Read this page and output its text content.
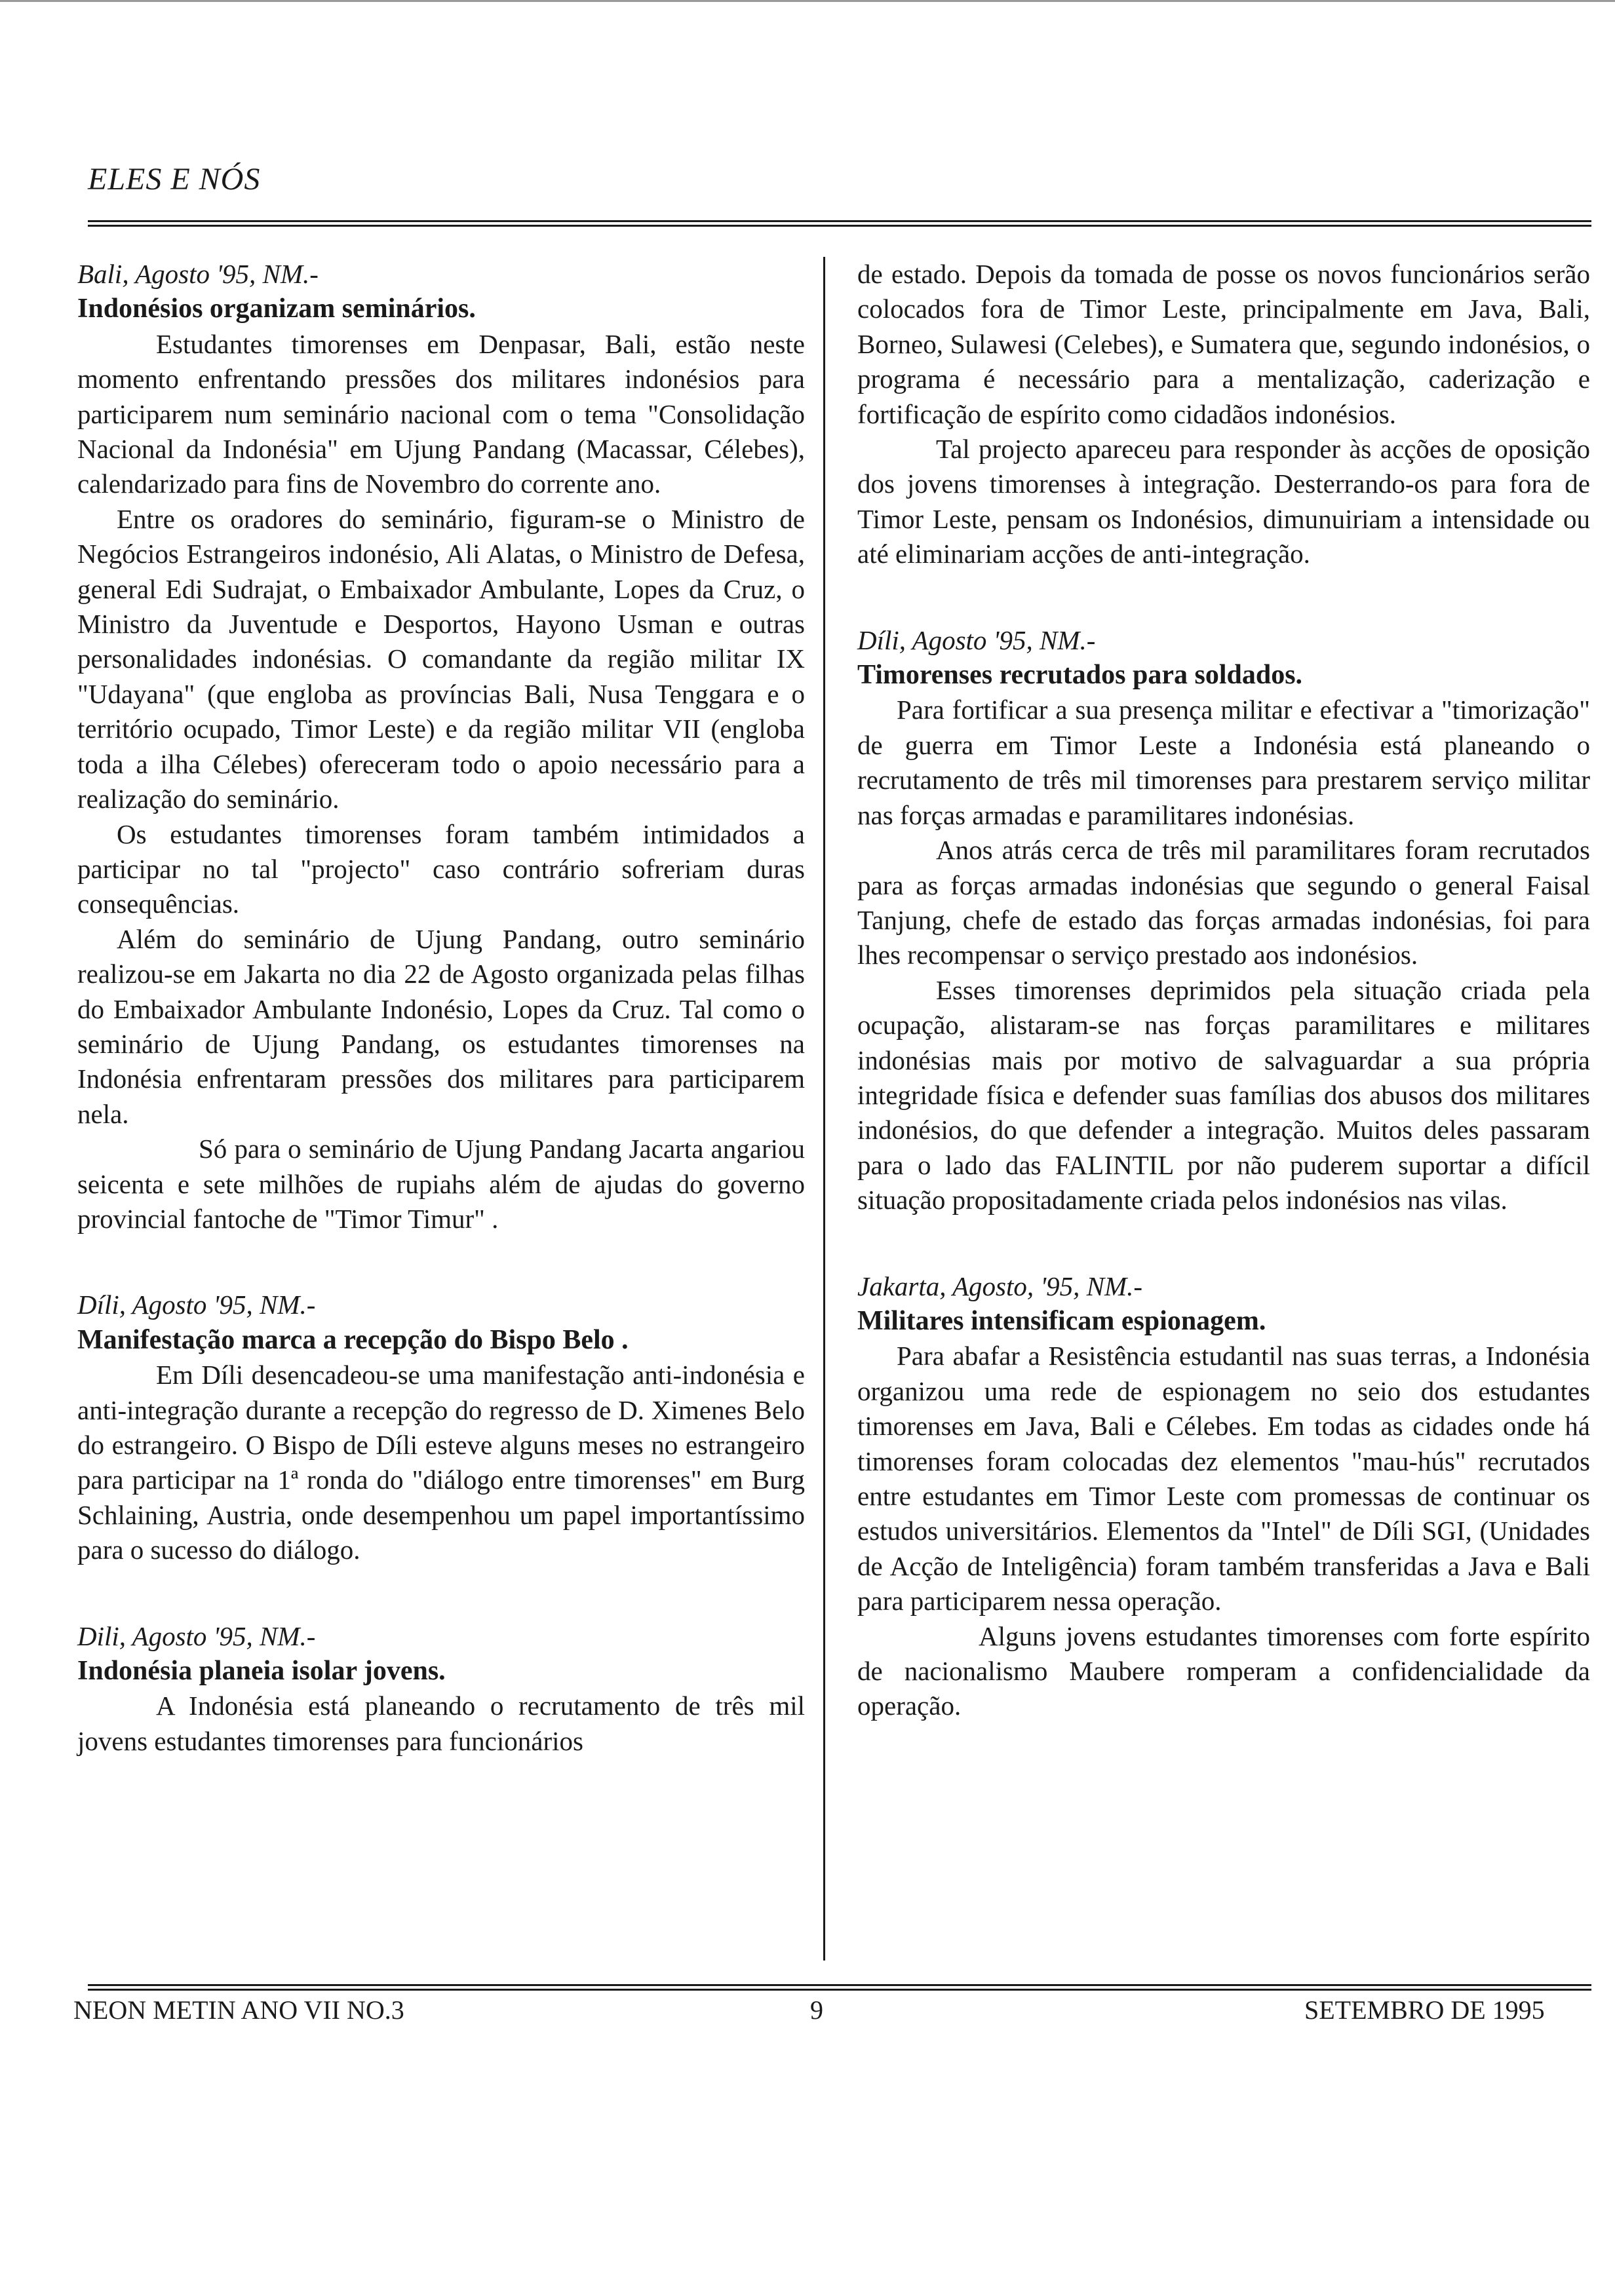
ELES E NÓS

Bali, Agosto '95, NM.-

Indonésios organizam seminários.

Estudantes timorenses em Denpasar, Bali, estão neste momento enfrentando pressões dos militares indonésios para participarem num seminário nacional com o tema "Consolidação Nacional da Indonésia" em Ujung Pandang (Macassar, Célebes), calendarizado para fins de Novembro do corrente ano.

Entre os oradores do seminário, figuram-se o Ministro de Negócios Estrangeiros indonésio, Ali Alatas, o Ministro de Defesa, general Edi Sudrajat, o Embaixador Ambulante, Lopes da Cruz, o Ministro da Juventude e Desportos, Hayono Usman e outras personalidades indonésias. O comandante da região militar IX "Udayana" (que engloba as províncias Bali, Nusa Tenggara e o território ocupado, Timor Leste) e da região militar VII (engloba toda a ilha Célebes) ofereceram todo o apoio necessário para a realização do seminário.

Os estudantes timorenses foram também intimidados a participar no tal "projecto" caso contrário sofreriam duras consequências.

Além do seminário de Ujung Pandang, outro seminário realizou-se em Jakarta no dia 22 de Agosto organizada pelas filhas do Embaixador Ambulante Indonésio, Lopes da Cruz. Tal como o seminário de Ujung Pandang, os estudantes timorenses na Indonésia enfrentaram pressões dos militares para participarem nela.

Só para o seminário de Ujung Pandang Jacarta angariou seicenta e sete milhões de rupiahs além de ajudas do governo provincial fantoche de "Timor Timur" .

Díli, Agosto '95, NM.-

Manifestação marca a recepção do Bispo Belo .

Em Díli desencadeou-se uma manifestação anti-indonésia e anti-integração durante a recepção do regresso de D. Ximenes Belo do estrangeiro. O Bispo de Díli esteve alguns meses no estrangeiro para participar na 1ª ronda do "diálogo entre timorenses" em Burg Schlaining, Austria, onde desempenhou um papel importantíssimo para o sucesso do diálogo.

Dili, Agosto '95, NM.-

Indonésia planeia isolar jovens.

A Indonésia está planeando o recrutamento de três mil jovens estudantes timorenses para funcionários

de estado. Depois da tomada de posse os novos funcionários serão colocados fora de Timor Leste, principalmente em Java, Bali, Borneo, Sulawesi (Celebes), e Sumatera que, segundo indonésios, o programa é necessário para a mentalização, caderização e fortificação de espírito como cidadãos indonésios.

Tal projecto apareceu para responder às acções de oposição dos jovens timorenses à integração. Desterrando-os para fora de Timor Leste, pensam os Indonésios, dimunuiriam a intensidade ou até eliminariam acções de anti-integração.

Díli, Agosto '95, NM.-

Timorenses recrutados para soldados.

Para fortificar a sua presença militar e efectivar a "timorização" de guerra em Timor Leste a Indonésia está planeando o recrutamento de três mil timorenses para prestarem serviço militar nas forças armadas e paramilitares indonésias.

Anos atrás cerca de três mil paramilitares foram recrutados para as forças armadas indonésias que segundo o general Faisal Tanjung, chefe de estado das forças armadas indonésias, foi para lhes recompensar o serviço prestado aos indonésios.

Esses timorenses deprimidos pela situação criada pela ocupação, alistaram-se nas forças paramilitares e militares indonésias mais por motivo de salvaguardar a sua própria integridade física e defender suas famílias dos abusos dos militares indonésios, do que defender a integração. Muitos deles passaram para o lado das FALINTIL por não puderem suportar a difícil situação propositadamente criada pelos indonésios nas vilas.

Jakarta, Agosto, '95, NM.-

Militares intensificam espionagem.

Para abafar a Resistência estudantil nas suas terras, a Indonésia organizou uma rede de espionagem no seio dos estudantes timorenses em Java, Bali e Célebes. Em todas as cidades onde há timorenses foram colocadas dez elementos "mau-hús" recrutados entre estudantes em Timor Leste com promessas de continuar os estudos universitários. Elementos da "Intel" de Díli SGI, (Unidades de Acção de Inteligência) foram também transferidas a Java e Bali para participarem nessa operação.

Alguns jovens estudantes timorenses com forte espírito de nacionalismo Maubere romperam a confidencialidade da operação.

NEON METIN ANO VII NO.3	9	SETEMBRO DE 1995
